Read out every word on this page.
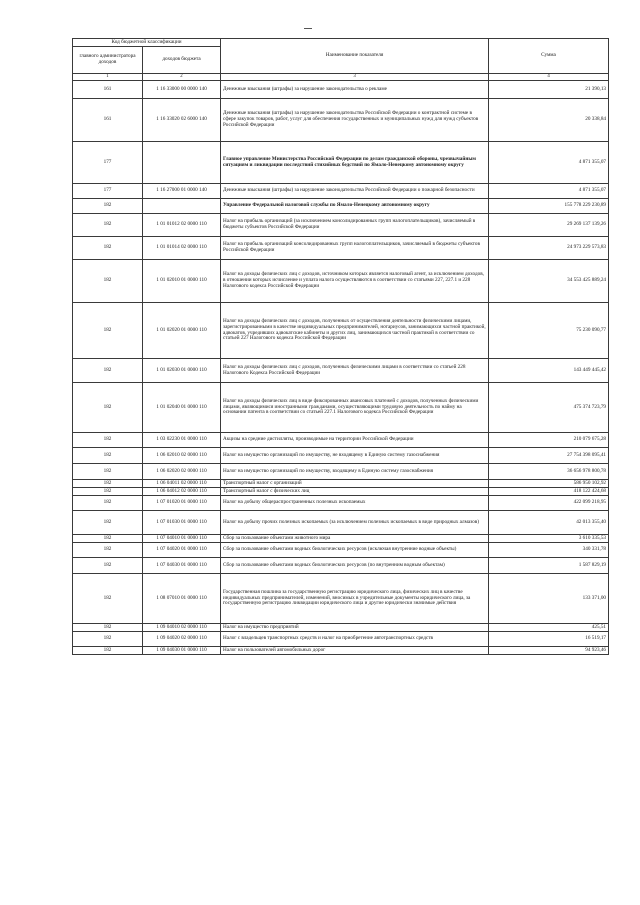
Код бюджетной классификации		Наименование показателя	Сумма
главного администратора доходов	доходов бюджета		
1	2	3	4
161	1 16 33000 00 0000 140	Денежные взыскания (штрафы) за нарушение законодательства о рекламе	21 390,13
161	1 16 33020 02 6000 140	Денежные взыскания (штрафы) за нарушение законодательства Российской Федерации о контрактной системе в сфере закупок товаров, работ, услуг для обеспечения государственных и муниципальных нужд для нужд субъектов Российской Федерации	20 338,84
177		Главное управление Министерства Российской Федерации по делам гражданской обороны, чрезвычайным ситуациям и ликвидации последствий стихийных бедствий по Ямало-Ненецкому автономному округу	4 871 355,07
177	1 16 27000 01 0000 140	Денежные взыскания (штрафы) за нарушение законодательства Российской Федерации о пожарной безопасности	4 871 355,07
182		Управление Федеральной налоговой службы по Ямало-Ненецкому автономному округу	155 778 229 230,89
182	1 01 01012 02 0000 110	Налог на прибыль организаций (за исключением консолидированных групп налогоплательщиков), зачисляемый в бюджеты субъектов Российской Федерации	29 269 137 139,26
182	1 01 01014 02 0000 110	Налог на прибыль организаций консолидированных групп налогоплательщиков, зачисляемый в бюджеты субъектов Российской Федерации	24 973 229 573,83
182	1 01 02010 01 0000 110	Налог на доходы физических лиц с доходов, источником которых является налоговый агент, за исключением доходов, в отношении которых исчисление и уплата налога осуществляются в соответствии со статьями 227, 227.1 и 228 Налогового кодекса Российской Федерации	34 553 425 889,24
182	1 01 02020 01 0000 110	Налог на доходы физических лиц с доходов, полученных от осуществления деятельности физическими лицами, зарегистрированными в качестве индивидуальных предпринимателей, нотариусов, занимающихся частной практикой, адвокатов, учредивших адвокатские кабинеты и других лиц, занимающихся частной практикой в соответствии со статьей 227 Налогового кодекса Российской Федерации	75 230 090,77
182	1 01 02030 01 0000 110	Налог на доходы физических лиц с доходов, полученных физическими лицами в соответствии со статьей 228 Налогового Кодекса Российской Федерации	143 449 445,42
182	1 01 02040 01 0000 110	Налог на доходы физических лиц в виде фиксированных авансовых платежей с доходов, полученных физическими лицами, являющимися иностранными гражданами, осуществляющими трудовую деятельность по найму на основании патента в соответствии со статьей 227.1 Налогового кодекса Российской Федерации	475 374 723,79
182	1 03 02230 01 0000 110	Акцизы на средние дистилляты, производимые на территории Российской Федерации	210 079 675,28
182	1 06 02010 02 0000 110	Налог на имущество организаций по имуществу, не входящему в Единую систему газоснабжения	27 754 398 095,41
182	1 06 02020 02 0000 110	Налог на имущество организаций по имуществу, входящему в Единую систему газоснабжения	36 656 978 800,78
182	1 06 04011 02 0000 110	Транспортный налог с организаций	586 950 102,92
182	1 06 04012 02 0000 110	Транспортный налог с физических лиц	418 122 424,68
182	1 07 01020 01 0000 110	Налог на добычу общераспространенных полезных ископаемых	422 099 218,95
182	1 07 01030 01 0000 110	Налог на добычу прочих полезных ископаемых (за исключением полезных ископаемых в виде природных алмазов)	42 013 355,40
182	1 07 04010 01 0000 110	Сбор за пользование объектами животного мира	3 610 335,53
182	1 07 04020 01 0000 110	Сбор за пользование объектами водных биологических ресурсов (исключая внутренние водные объекты)	340 331,78
182	1 07 04030 01 0000 110	Сбор за пользование объектами водных биологических ресурсов (по внутренним водным объектам)	1 587 829,19
182	1 08 07010 01 0000 110	Государственная пошлина за государственную регистрацию юридического лица, физических лиц в качестве индивидуальных предпринимателей, изменений, вносимых в учредительные документы юридического лица, за государственную регистрацию ликвидации юридического лица и другие юридически значимые действия	133 371,00
182	1 09 04010 02 0000 110	Налог на имущество предприятий	425,51
182	1 09 04020 02 0000 110	Налог с владельцев транспортных средств и налог на приобретение автотранспортных средств	16 519,17
182	1 09 04030 01 0000 110	Налог на пользователей автомобильных дорог	94 923,46
